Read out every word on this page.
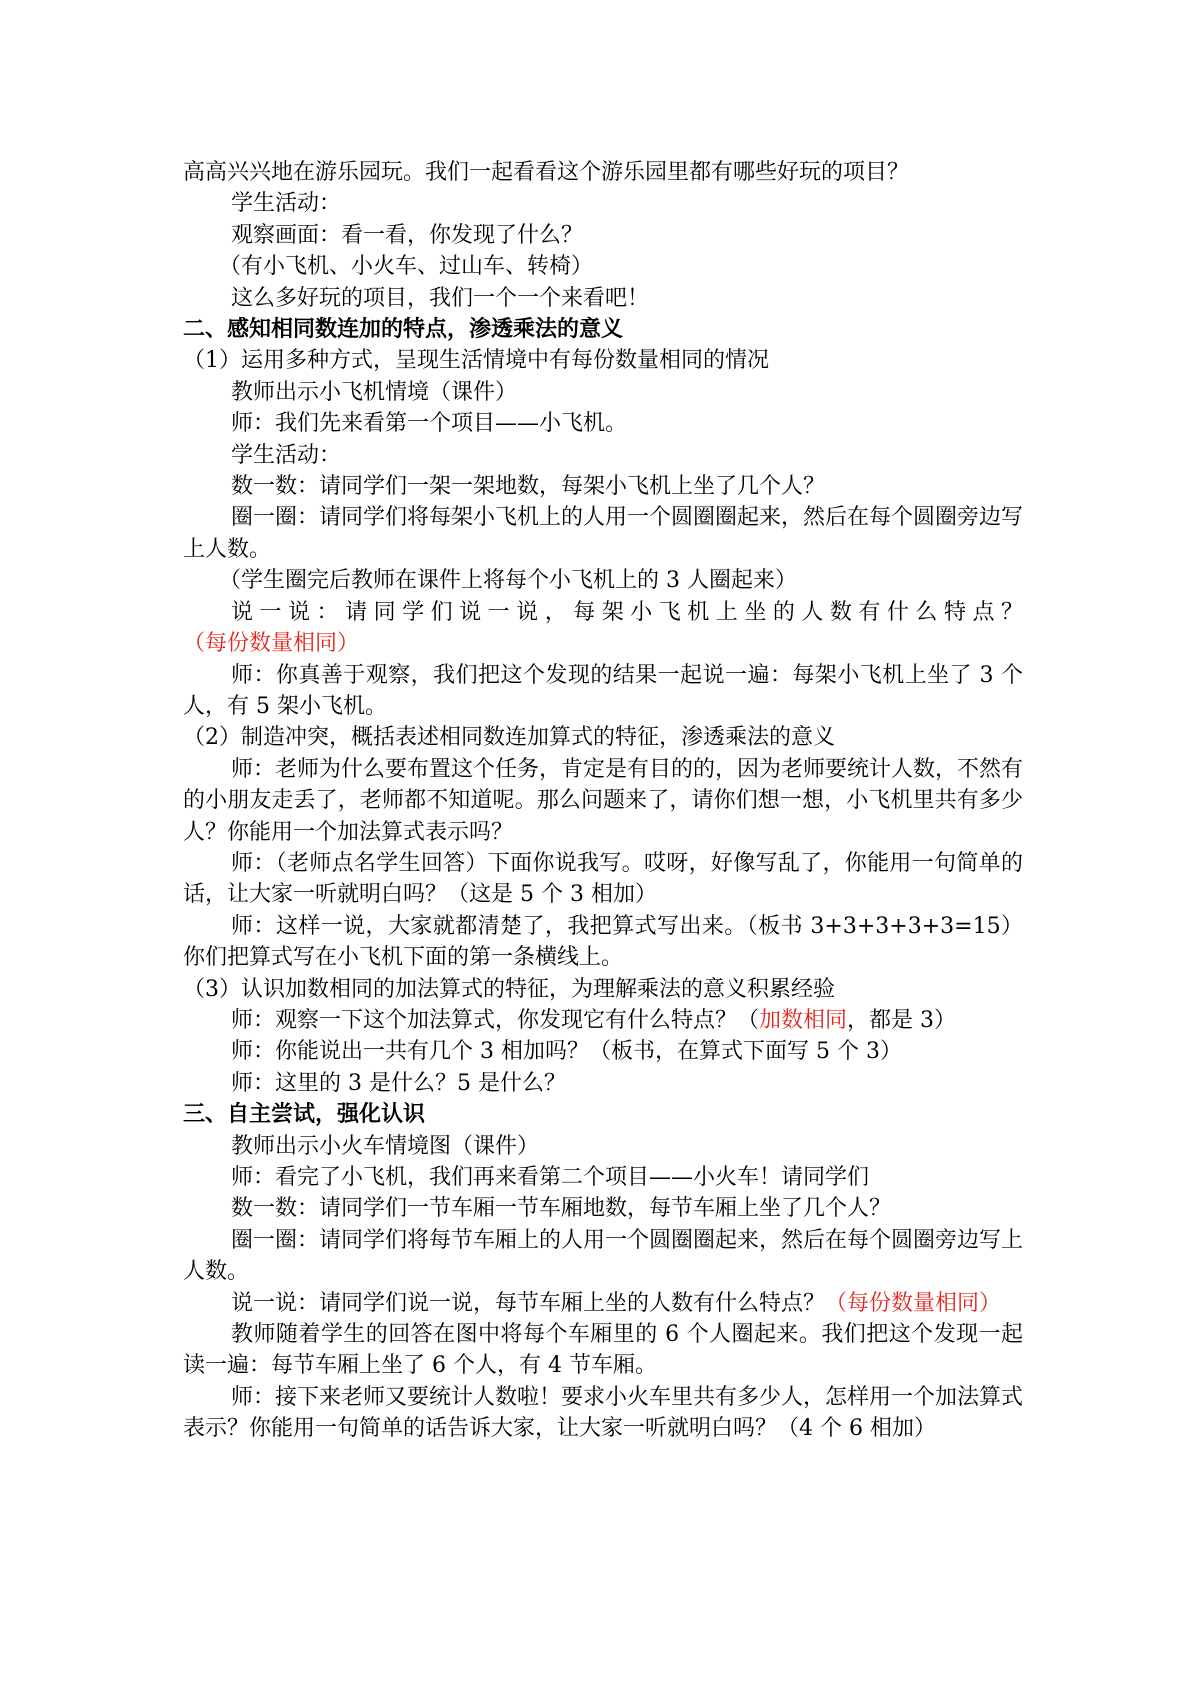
高高兴兴地在游乐园玩。我们一起看看这个游乐园里都有哪些好玩的项目？

学生活动：

观察画面：看一看，你发现了什么？

（有小飞机、小火车、过山车、转椅）

这么多好玩的项目，我们一个一个来看吧！

二、感知相同数连加的特点，渗透乘法的意义

（1）运用多种方式，呈现生活情境中有每份数量相同的情况

教师出示小飞机情境（课件）

师：我们先来看第一个项目——小飞机。

学生活动：

数一数：请同学们一架一架地数，每架小飞机上坐了几个人？

圈一圈：请同学们将每架小飞机上的人用一个圆圈圈起来，然后在每个圆圈旁边写上人数。

（学生圈完后教师在课件上将每个小飞机上的 3 人圈起来）

说一说：请同学们说一说，每架小飞机上坐的人数有什么特点？（每份数量相同）

师：你真善于观察，我们把这个发现的结果一起说一遍：每架小飞机上坐了 3 个人，有 5 架小飞机。

（2）制造冲突，概括表述相同数连加算式的特征，渗透乘法的意义

师：老师为什么要布置这个任务，肯定是有目的的，因为老师要统计人数，不然有的小朋友走丢了，老师都不知道呢。那么问题来了，请你们想一想，小飞机里共有多少人？你能用一个加法算式表示吗？

师：（老师点名学生回答）下面你说我写。哎呀，好像写乱了，你能用一句简单的话，让大家一听就明白吗？（这是 5 个 3 相加）

师：这样一说，大家就都清楚了，我把算式写出来。（板书 3+3+3+3+3=15）你们把算式写在小飞机下面的第一条横线上。

（3）认识加数相同的加法算式的特征，为理解乘法的意义积累经验

师：观察一下这个加法算式，你发现它有什么特点？（加数相同，都是 3）

师：你能说出一共有几个 3 相加吗？（板书，在算式下面写 5 个 3）

师：这里的 3 是什么？5 是什么？

三、自主尝试，强化认识

教师出示小火车情境图（课件）

师：看完了小飞机，我们再来看第二个项目——小火车！请同学们

数一数：请同学们一节车厢一节车厢地数，每节车厢上坐了几个人？

圈一圈：请同学们将每节车厢上的人用一个圆圈圈起来，然后在每个圆圈旁边写上人数。

说一说：请同学们说一说，每节车厢上坐的人数有什么特点？（每份数量相同）

教师随着学生的回答在图中将每个车厢里的 6 个人圈起来。我们把这个发现一起读一遍：每节车厢上坐了 6 个人，有 4 节车厢。

师：接下来老师又要统计人数啦！要求小火车里共有多少人，怎样用一个加法算式表示？你能用一句简单的话告诉大家，让大家一听就明白吗？（4 个 6 相加）
